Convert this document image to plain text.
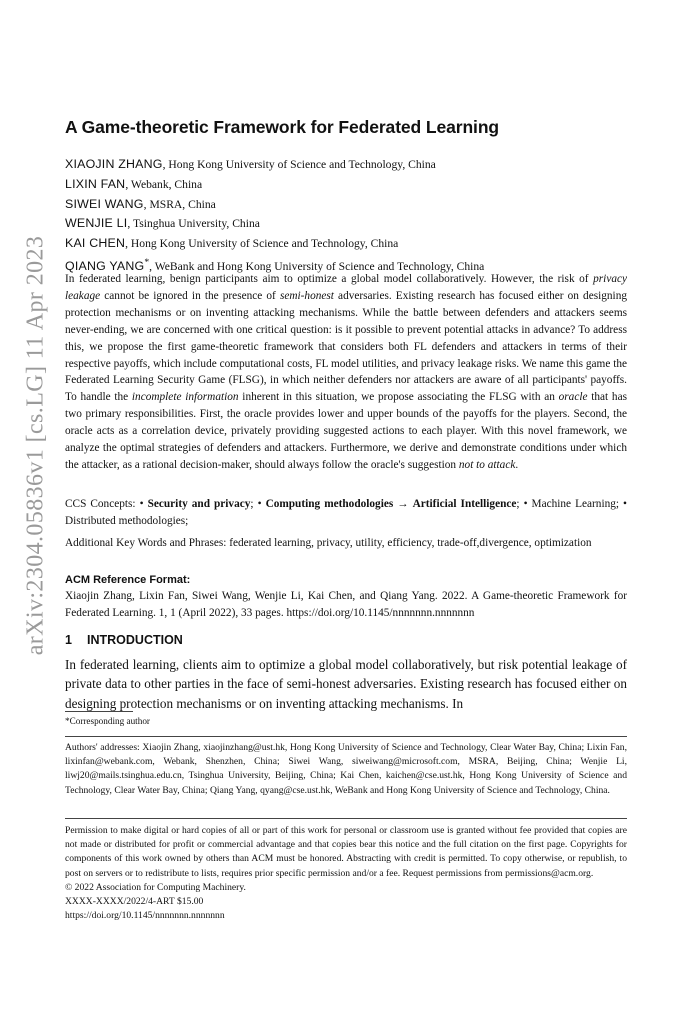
arXiv:2304.05836v1 [cs.LG] 11 Apr 2023
A Game-theoretic Framework for Federated Learning
XIAOJIN ZHANG, Hong Kong University of Science and Technology, China
LIXIN FAN, Webank, China
SIWEI WANG, MSRA, China
WENJIE LI, Tsinghua University, China
KAI CHEN, Hong Kong University of Science and Technology, China
QIANG YANG*, WeBank and Hong Kong University of Science and Technology, China
In federated learning, benign participants aim to optimize a global model collaboratively. However, the risk of privacy leakage cannot be ignored in the presence of semi-honest adversaries. Existing research has focused either on designing protection mechanisms or on inventing attacking mechanisms. While the battle between defenders and attackers seems never-ending, we are concerned with one critical question: is it possible to prevent potential attacks in advance? To address this, we propose the first game-theoretic framework that considers both FL defenders and attackers in terms of their respective payoffs, which include computational costs, FL model utilities, and privacy leakage risks. We name this game the Federated Learning Security Game (FLSG), in which neither defenders nor attackers are aware of all participants' payoffs. To handle the incomplete information inherent in this situation, we propose associating the FLSG with an oracle that has two primary responsibilities. First, the oracle provides lower and upper bounds of the payoffs for the players. Second, the oracle acts as a correlation device, privately providing suggested actions to each player. With this novel framework, we analyze the optimal strategies of defenders and attackers. Furthermore, we derive and demonstrate conditions under which the attacker, as a rational decision-maker, should always follow the oracle's suggestion not to attack.
CCS Concepts: • Security and privacy; • Computing methodologies → Artificial Intelligence; • Machine Learning; • Distributed methodologies;
Additional Key Words and Phrases: federated learning, privacy, utility, efficiency, trade-off,divergence, optimization
ACM Reference Format:
Xiaojin Zhang, Lixin Fan, Siwei Wang, Wenjie Li, Kai Chen, and Qiang Yang. 2022. A Game-theoretic Framework for Federated Learning. 1, 1 (April 2022), 33 pages. https://doi.org/10.1145/nnnnnnn.nnnnnnn
1 INTRODUCTION
In federated learning, clients aim to optimize a global model collaboratively, but risk potential leakage of private data to other parties in the face of semi-honest adversaries. Existing research has focused either on designing protection mechanisms or on inventing attacking mechanisms. In
*Corresponding author
Authors' addresses: Xiaojin Zhang, xiaojinzhang@ust.hk, Hong Kong University of Science and Technology, Clear Water Bay, China; Lixin Fan, lixinfan@webank.com, Webank, Shenzhen, China; Siwei Wang, siweiwang@microsoft.com, MSRA, Beijing, China; Wenjie Li, liwj20@mails.tsinghua.edu.cn, Tsinghua University, Beijing, China; Kai Chen, kaichen@cse.ust.hk, Hong Kong University of Science and Technology, Clear Water Bay, China; Qiang Yang, qyang@cse.ust.hk, WeBank and Hong Kong University of Science and Technology, China.
Permission to make digital or hard copies of all or part of this work for personal or classroom use is granted without fee provided that copies are not made or distributed for profit or commercial advantage and that copies bear this notice and the full citation on the first page. Copyrights for components of this work owned by others than ACM must be honored. Abstracting with credit is permitted. To copy otherwise, or republish, to post on servers or to redistribute to lists, requires prior specific permission and/or a fee. Request permissions from permissions@acm.org.
© 2022 Association for Computing Machinery.
XXXX-XXXX/2022/4-ART $15.00
https://doi.org/10.1145/nnnnnnn.nnnnnnn
